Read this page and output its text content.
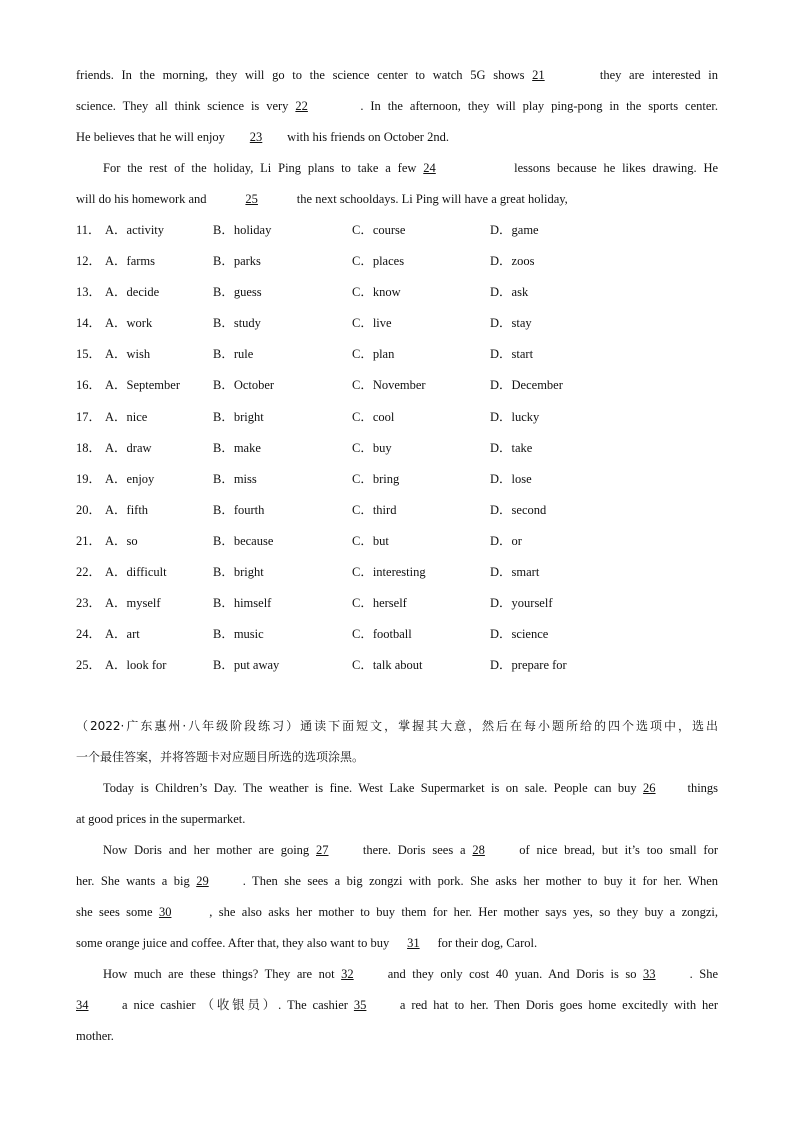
friends. In the morning, they will go to the science center to watch 5G shows 21	they are interested in
science. They all think science is very 22	. In the afternoon, they will play ping-pong in the sports center.
He believes that he will enjoy 23 with his friends on October 2nd.
For the rest of the holiday, Li Ping plans to take a few 24	lessons because he likes drawing. He
will do his homework and	25	the next schooldays. Li Ping will have a great holiday,
11． A．activity	B．holiday	C．course	D．game
12． A．farms	B．parks	C．places	D．zoos
13． A．decide	B．guess	C．know	D．ask
14． A．work	B．study	C．live	D．stay
15． A．wish	B．rule	C．plan	D．start
16． A．September	B．October	C．November	D．December
17． A．nice	B．bright	C．cool	D．lucky
18． A．draw	B．make	C．buy	D．take
19． A．enjoy	B．miss	C．bring	D．lose
20． A．fifth	B．fourth	C．third	D．second
21． A．so	B．because	C．but	D．or
22． A．difficult	B．bright	C．interesting	D．smart
23． A．myself	B．himself	C．herself	D．yourself
24． A．art	B．music	C．football	D．science
25． A．look for	B．put away	C．talk about	D．prepare for
（2022·广东惠州·八年级阶段练习）通读下面短文，掌握其大意，然后在每小题所给的四个选项中，选出
一个最佳答案，并将答题卡对应题目所选的选项涂黑。
Today is Children’s Day. The weather is fine. West Lake Supermarket is on sale. People can buy 26	things
at good prices in the supermarket.
Now Doris and her mother are going 27	there. Doris sees a 28	of nice bread, but it’s too small for
her. She wants a big 29	. Then she sees a big zongzi with pork. She asks her mother to buy it for her. When
she sees some 30	, she also asks her mother to buy them for her. Her mother says yes, so they buy a zongzi,
some orange juice and coffee. After that, they also want to buy 31 for their dog, Carol.
How much are these things? They are not 32	and they only cost 40 yuan. And Doris is so 33	. She
34	a nice cashier （收银员）. The cashier 35	a red hat to her. Then Doris goes home excitedly with her
mother.
